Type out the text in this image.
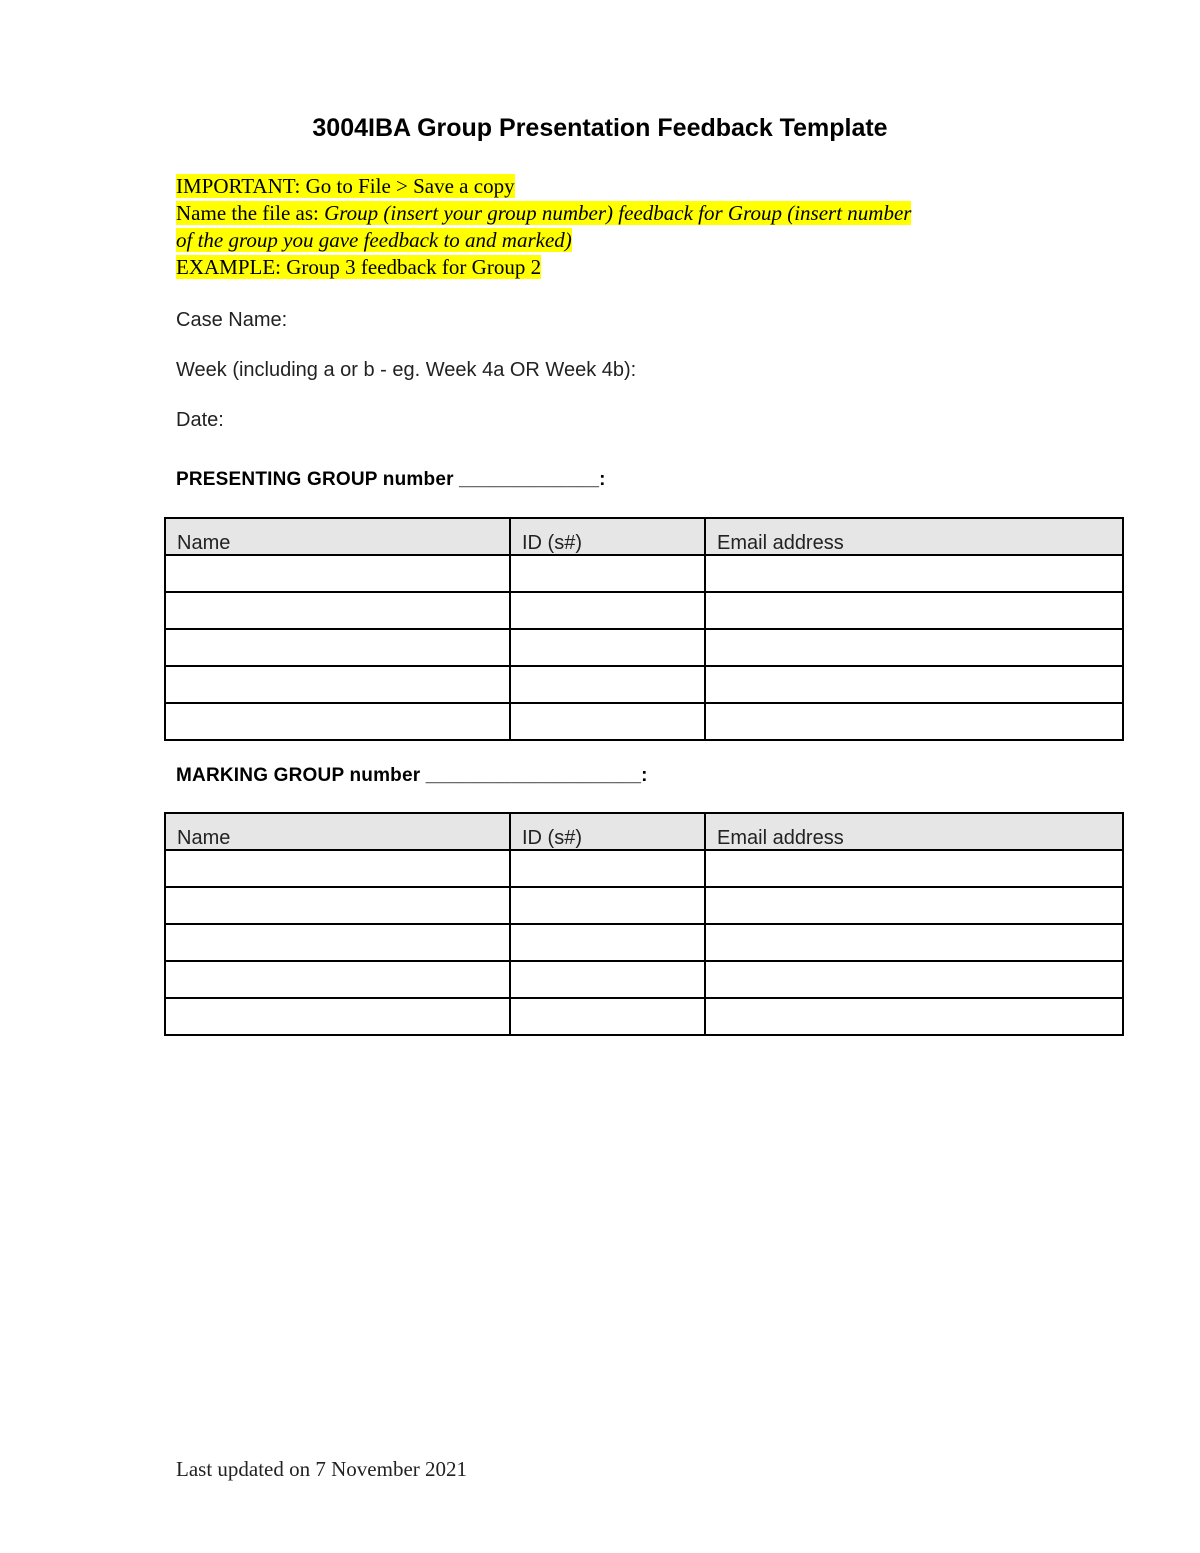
3004IBA Group Presentation Feedback Template
IMPORTANT: Go to File > Save a copy
Name the file as: Group (insert your group number) feedback for Group (insert number
of the group you gave feedback to and marked)
EXAMPLE: Group 3 feedback for Group 2
Case Name:
Week (including a or b - eg. Week 4a OR Week 4b):
Date:
PRESENTING GROUP number _____________:
Name	ID (s#)	Email address

MARKING GROUP number ____________________:
Name	ID (s#)	Email address

Last updated on 7 November 2021
